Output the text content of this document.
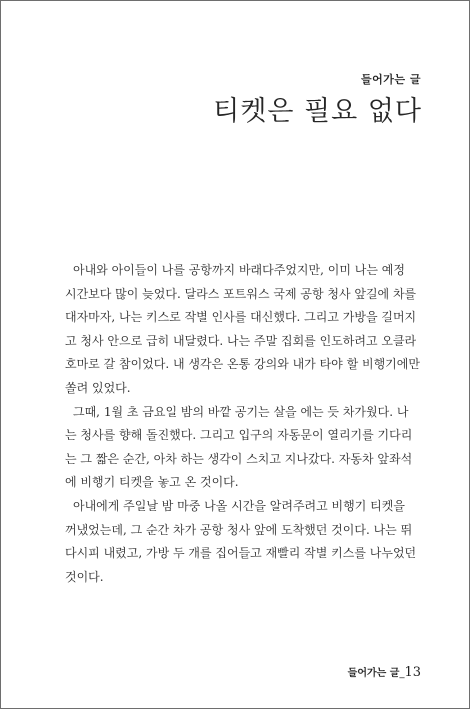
들어가는 글
티켓은 필요 없다
아내와 아이들이 나를 공항까지 바래다주었지만, 이미 나는 예정
시간보다 많이 늦었다. 달라스 포트워스 국제 공항 청사 앞길에 차를
대자마자, 나는 키스로 작별 인사를 대신했다. 그리고 가방을 길머지
고 청사 안으로 급히 내달렸다. 나는 주말 집회를 인도하려고 오클라
호마로 갈 참이었다. 내 생각은 온통 강의와 내가 타야 할 비행기에만
쏠려 있었다.
그때, 1월 초 금요일 밤의 바깥 공기는 살을 에는 듯 차가웠다. 나
는 청사를 향해 돌진했다. 그리고 입구의 자동문이 열리기를 기다리
는 그 짧은 순간, 아차 하는 생각이 스치고 지나갔다. 자동차 앞좌석
에 비행기 티켓을 놓고 온 것이다.
아내에게 주일날 밤 마중 나올 시간을 알려주려고 비행기 티켓을
꺼냈었는데, 그 순간 차가 공항 청사 앞에 도착했던 것이다. 나는 뛰
다시피 내렸고, 가방 두 개를 집어들고 재빨리 작별 키스를 나누었던
것이다.
들어가는 글_13
